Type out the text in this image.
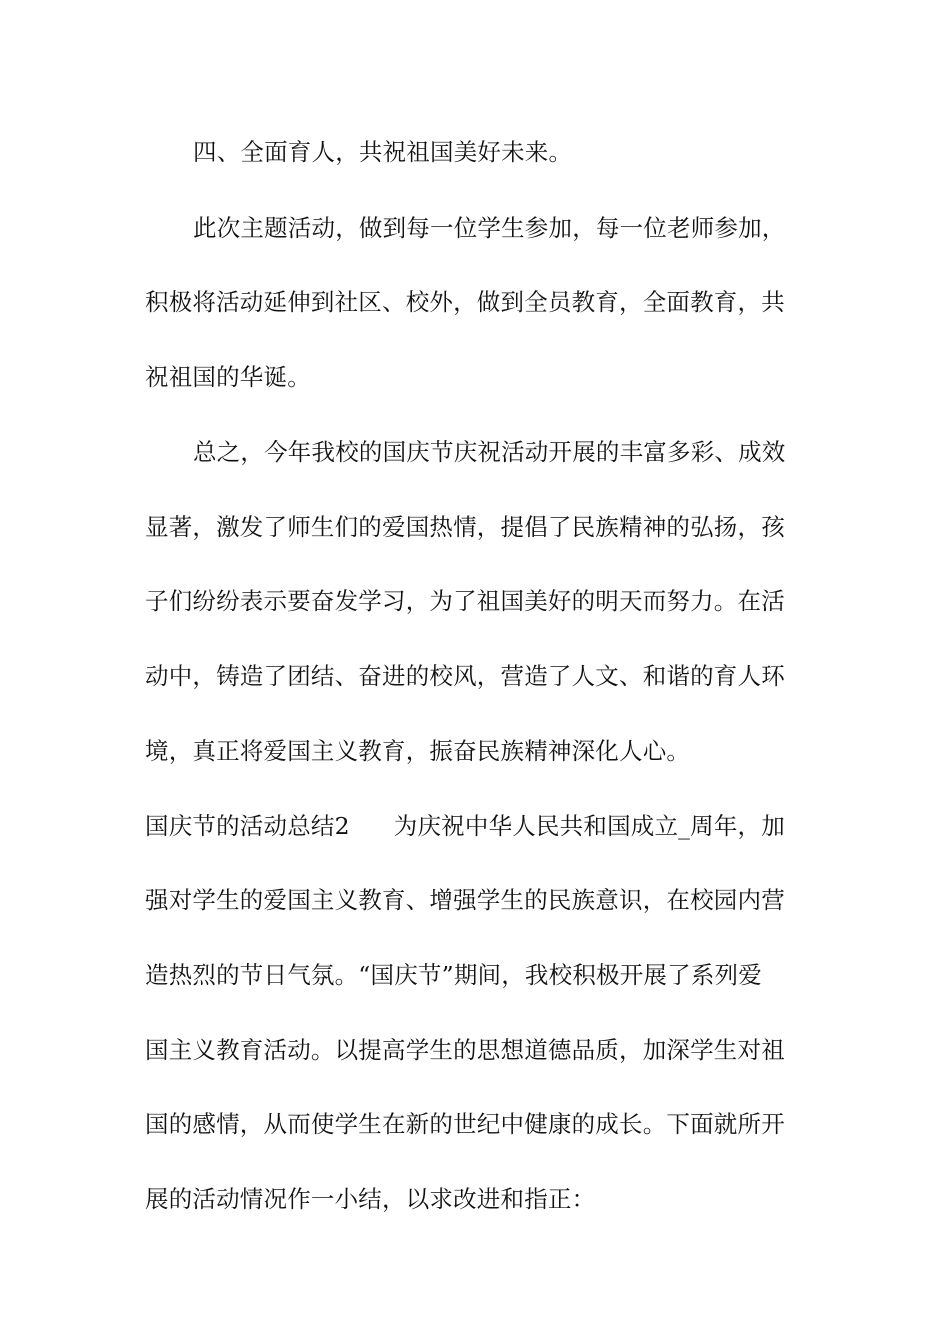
四、全面育人，共祝祖国美好未来。
此次主题活动，做到每一位学生参加，每一位老师参加，
积极将活动延伸到社区、校外，做到全员教育，全面教育，共
祝祖国的华诞。
总之，今年我校的国庆节庆祝活动开展的丰富多彩、成效
显著，激发了师生们的爱国热情，提倡了民族精神的弘扬，孩
子们纷纷表示要奋发学习，为了祖国美好的明天而努力。在活
动中，铸造了团结、奋进的校风，营造了人文、和谐的育人环
境，真正将爱国主义教育，振奋民族精神深化人心。
国庆节的活动总结2 为庆祝中华人民共和国成立_周年，加
强对学生的爱国主义教育、增强学生的民族意识，在校园内营
造热烈的节日气氛。“国庆节”期间，我校积极开展了系列爱
国主义教育活动。以提高学生的思想道德品质，加深学生对祖
国的感情，从而使学生在新的世纪中健康的成长。下面就所开
展的活动情况作一小结，以求改进和指正：
